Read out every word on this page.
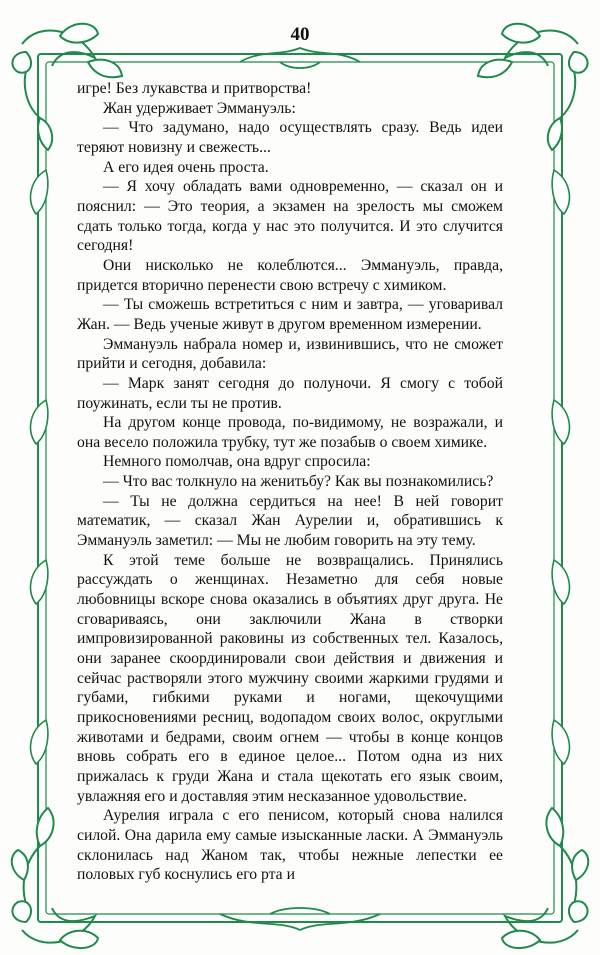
40

игре! Без лукавства и притворства!

Жан удерживает Эммануэль:

— Что задумано, надо осуществлять сразу. Ведь идеи теряют новизну и свежесть...

А его идея очень проста.

— Я хочу обладать вами одновременно, — сказал он и пояснил: — Это теория, а экзамен на зрелость мы сможем сдать только тогда, когда у нас это получится. И это случится сегодня!

Они нисколько не колеблются... Эммануэль, правда, придется вторично перенести свою встречу с химиком.

— Ты сможешь встретиться с ним и завтра, — уговаривал Жан. — Ведь ученые живут в другом временном измерении.

Эммануэль набрала номер и, извинившись, что не сможет прийти и сегодня, добавила:

— Марк занят сегодня до полуночи. Я смогу с тобой поужинать, если ты не против.

На другом конце провода, по-видимому, не возражали, и она весело положила трубку, тут же позабыв о своем химике.

Немного помолчав, она вдруг спросила:

— Что вас толкнуло на женитьбу? Как вы познакомились?

— Ты не должна сердиться на нее! В ней говорит математик, — сказал Жан Аурелии и, обратившись к Эммануэль заметил: — Мы не любим говорить на эту тему.

К этой теме больше не возвращались. Принялись рассуждать о женщинах. Незаметно для себя новые любовницы вскоре снова оказались в объятиях друг друга. Не сговариваясь, они заключили Жана в створки импровизированной раковины из собственных тел. Казалось, они заранее скоординировали свои действия и движения и сейчас растворяли этого мужчину своими жаркими грудями и губами, гибкими руками и ногами, щекочущими прикосновениями ресниц, водопадом своих волос, округлыми животами и бедрами, своим огнем — чтобы в конце концов вновь собрать его в единое целое... Потом одна из них прижалась к груди Жана и стала щекотать его язык своим, увлажняя его и доставляя этим несказанное удовольствие.

Аурелия играла с его пенисом, который снова налился силой. Она дарила ему самые изысканные ласки. А Эммануэль склонилась над Жаном так, чтобы нежные лепестки ее половых губ коснулись его рта и
